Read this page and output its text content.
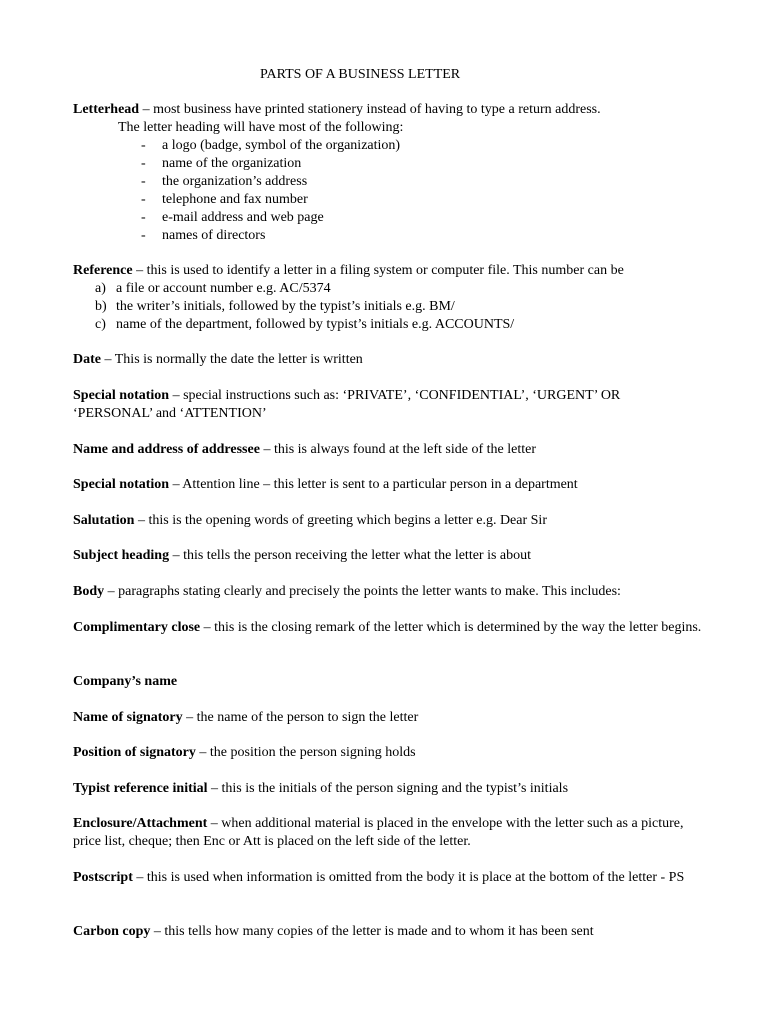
PARTS OF A BUSINESS LETTER
Letterhead – most business have printed stationery instead of having to type a return address.
The letter heading will have most of the following:
- a logo (badge, symbol of the organization)
- name of the organization
- the organization’s address
- telephone and fax number
- e-mail address and web page
- names of directors
Reference – this is used to identify a letter in a filing system or computer file. This number can be
a) a file or account number e.g. AC/5374
b) the writer’s initials, followed by the typist’s initials e.g. BM/
c) name of the department, followed by typist’s initials e.g. ACCOUNTS/
Date – This is normally the date the letter is written
Special notation – special instructions such as: ‘PRIVATE’, ‘CONFIDENTIAL’, ‘URGENT’ OR ‘PERSONAL’ and ‘ATTENTION’
Name and address of addressee – this is always found at the left side of the letter
Special notation – Attention line – this letter is sent to a particular person in a department
Salutation – this is the opening words of greeting which begins a letter e.g. Dear Sir
Subject heading – this tells the person receiving the letter what the letter is about
Body – paragraphs stating clearly and precisely the points the letter wants to make. This includes:
Complimentary close – this is the closing remark of the letter which is determined by the way the letter begins.
Company’s name
Name of signatory – the name of the person to sign the letter
Position of signatory – the position the person signing holds
Typist reference initial – this is the initials of the person signing and the typist’s initials
Enclosure/Attachment – when additional material is placed in the envelope with the letter such as a picture, price list, cheque; then Enc or Att is placed on the left side of the letter.
Postscript – this is used when information is omitted from the body it is place at the bottom of the letter - PS
Carbon copy – this tells how many copies of the letter is made and to whom it has been sent
